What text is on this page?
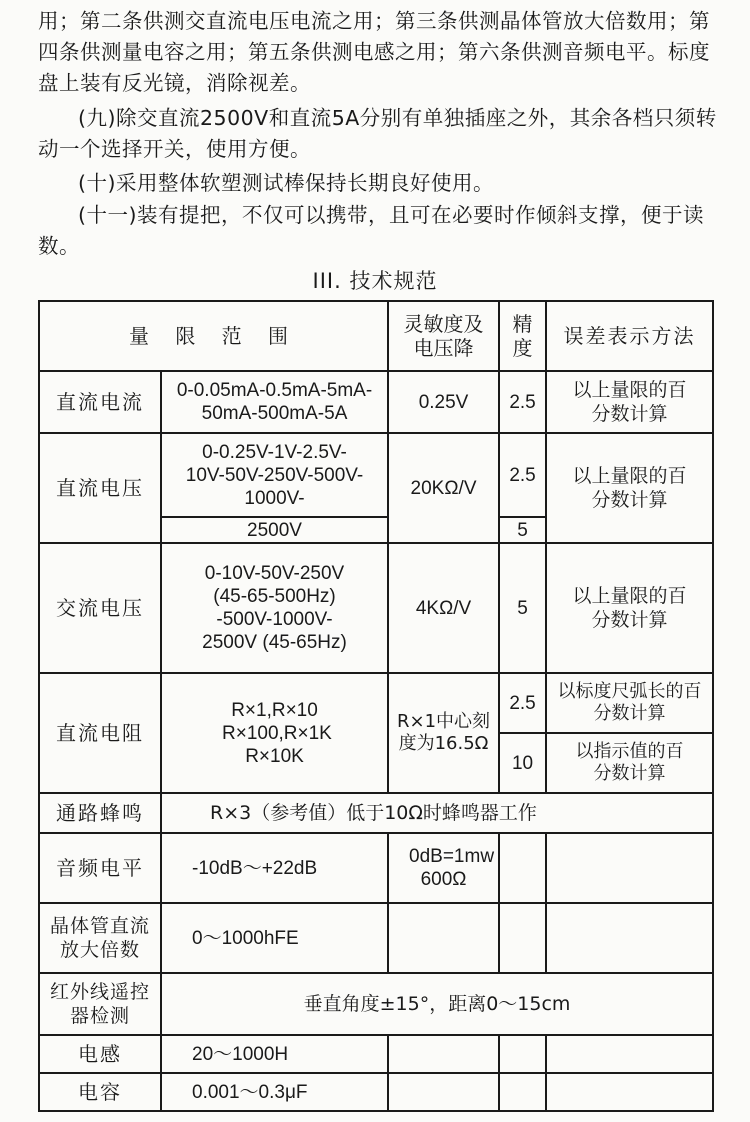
用；第二条供测交直流电压电流之用；第三条供测晶体管放大倍数用；第四条供测量电容之用；第五条供测电感之用；第六条供测音频电平。标度盘上装有反光镜，消除视差。
(九)除交直流2500V和直流5A分别有单独插座之外，其余各档只须转动一个选择开关，使用方便。
(十)采用整体软塑测试棒保持长期良好使用。
(十一)装有提把，不仅可以携带，且可在必要时作倾斜支撑，便于读数。
III. 技术规范
量 限 范 围		灵敏度及电压降	精度	误差表示方法
直流电流	0-0.05mA-0.5mA-5mA-50mA-500mA-5A	0.25V	2.5	以上量限的百分数计算
直流电压	0-0.25V-1V-2.5V-10V-50V-250V-500V-1000V-	20KΩ/V	2.5	以上量限的百分数计算
	2500V		5	
交流电压	0-10V-50V-250V (45-65-500Hz) -500V-1000V-2500V (45-65Hz)	4KΩ/V	5	以上量限的百分数计算
直流电阻	R×1,R×10 R×100,R×1K R×10K	R×1中心刻度为16.5Ω	2.5	以标度尺弧长的百分数计算
			10	以指示值的百分数计算
通路蜂鸣	R×3（参考值）低于10Ω时蜂鸣器工作			
音频电平	-10dB～+22dB	0dB=1mw 600Ω		
晶体管直流放大倍数	0～1000hFE			
红外线遥控器检测	垂直角度±15°，距离0～15cm			
电感	20～1000H			
电容	0.001～0.3μF			
